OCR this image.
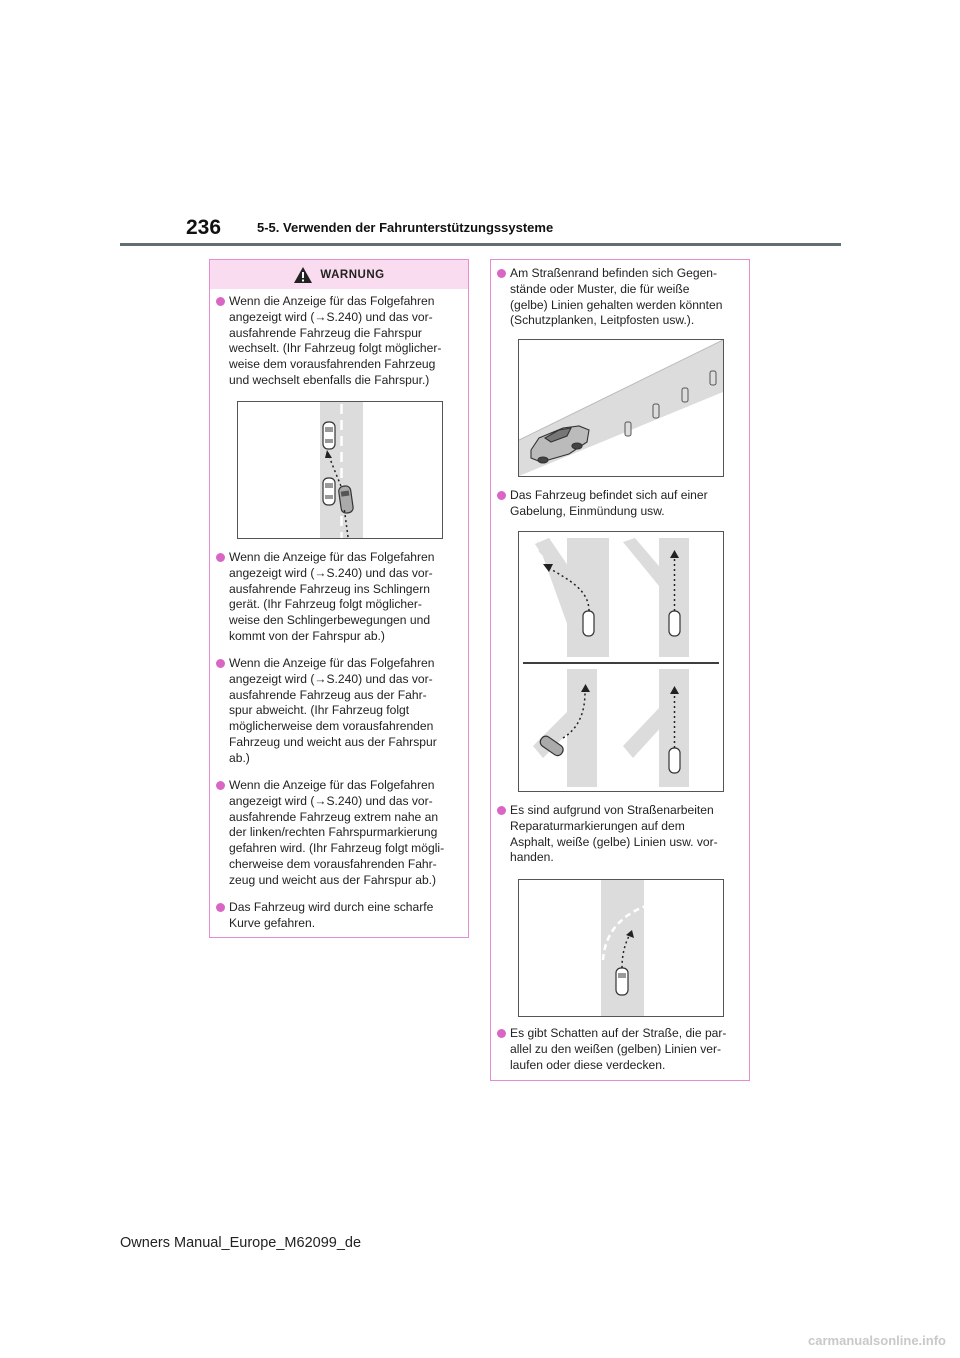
236	5-5. Verwenden der Fahrunterstützungssysteme
WARNUNG
Wenn die Anzeige für das Folgefahren
angezeigt wird (→S.240) und das vor-
ausfahrende Fahrzeug die Fahrspur
wechselt. (Ihr Fahrzeug folgt möglicher-
weise dem vorausfahrenden Fahrzeug
und wechselt ebenfalls die Fahrspur.)
Wenn die Anzeige für das Folgefahren
angezeigt wird (→S.240) und das vor-
ausfahrende Fahrzeug ins Schlingern
gerät. (Ihr Fahrzeug folgt möglicher-
weise den Schlingerbewegungen und
kommt von der Fahrspur ab.)
Wenn die Anzeige für das Folgefahren
angezeigt wird (→S.240) und das vor-
ausfahrende Fahrzeug aus der Fahr-
spur abweicht. (Ihr Fahrzeug folgt
möglicherweise dem vorausfahrenden
Fahrzeug und weicht aus der Fahrspur
ab.)
Wenn die Anzeige für das Folgefahren
angezeigt wird (→S.240) und das vor-
ausfahrende Fahrzeug extrem nahe an
der linken/rechten Fahrspurmarkierung
gefahren wird. (Ihr Fahrzeug folgt mögli-
cherweise dem vorausfahrenden Fahr-
zeug und weicht aus der Fahrspur ab.)
Das Fahrzeug wird durch eine scharfe
Kurve gefahren.
Am Straßenrand befinden sich Gegen-
stände oder Muster, die für weiße
(gelbe) Linien gehalten werden könnten
(Schutzplanken, Leitpfosten usw.).
Das Fahrzeug befindet sich auf einer
Gabelung, Einmündung usw.
Es sind aufgrund von Straßenarbeiten
Reparaturmarkierungen auf dem
Asphalt, weiße (gelbe) Linien usw. vor-
handen.
Es gibt Schatten auf der Straße, die par-
allel zu den weißen (gelben) Linien ver-
laufen oder diese verdecken.
Owners Manual_Europe_M62099_de
carmanualsonline.info
